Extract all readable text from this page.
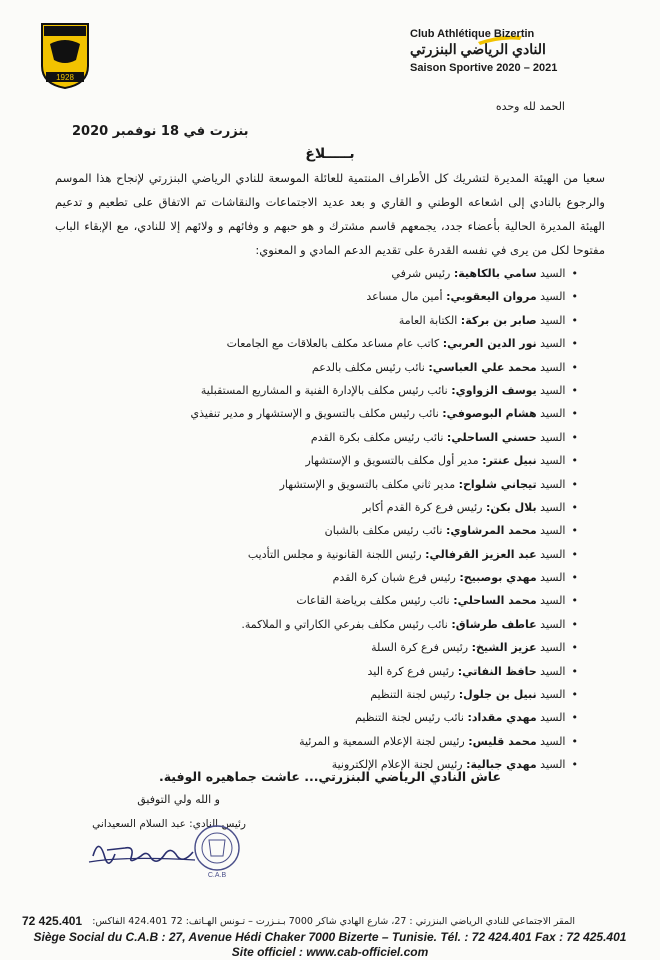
1928
Club Athlétique Bizertin
النادي الرياضي البنزرتي
Saison Sportive 2020 – 2021
الحمد لله وحده
بنزرت في 18 نوفمبر 2020
بـــــلاغ
سعيا من الهيئة المديرة لتشريك كل الأطراف المنتمية للعائلة الموسعة للنادي الرياضي البنزرتي لإنجاح هذا الموسم والرجوع بالنادي إلى اشعاعه الوطني و القاري و بعد عديد الاجتماعات والنقاشات تم الاتفاق على تطعيم و تدعيم الهيئة المديرة الحالية بأعضاء جدد، يجمعهم قاسم مشترك و هو حبهم و وفائهم و ولائهم إلا للنادي، مع الإبقاء الباب مفتوحا لكل من يرى في نفسه القدرة على تقديم الدعم المادي و المعنوي:
•السيد سامي بالكاهية: رئيس شرفي
•السيد مروان اليعقوبي: أمين مال مساعد
•السيد صابر بن بركة: الكتابة العامة
•السيد نور الدين العربي: كاتب عام مساعد مكلف بالعلاقات مع الجامعات
•السيد محمد علي العباسي: نائب رئيس مكلف بالدعم
•السيد يوسف الزواوي: نائب رئيس مكلف بالإدارة الفنية و المشاريع المستقبلية
•السيد هشام البوصوفي: نائب رئيس مكلف بالتسويق و الإستشهار و مدير تنفيذي
•السيد حسني الساحلي: نائب رئيس مكلف بكرة القدم
•السيد نبيل عنتر: مدير أول مكلف بالتسويق و الإستشهار
•السيد تيجاني شلواح: مدير ثاني مكلف بالتسويق و الإستشهار
•السيد بلال بكن: رئيس فرع كرة القدم أكابر
•السيد محمد المرشاوي: نائب رئيس مكلف بالشبان
•السيد عبد العزيز القرفالي: رئيس اللجنة القانونية و مجلس التأديب
•السيد مهدي بوصبيح: رئيس فرع شبان كرة القدم
•السيد محمد الساحلي: نائب رئيس مكلف برياضة القاعات
•السيد عاطف طرشاق: نائب رئيس مكلف بفرعي الكاراتي و الملاكمة.
•السيد عزيز الشيخ: رئيس فرع كرة السلة
•السيد حافظ النفاتي: رئيس فرع كرة اليد
•السيد نبيل بن جلول: رئيس لجنة التنظيم
•السيد مهدي مقداد: نائب رئيس لجنة التنظيم
•السيد محمد قليس: رئيس لجنة الإعلام السمعية و المرئية
•السيد مهدي جبالية: رئيس لجنة الإعلام الإلكترونية
عاش النادي الرياضي البنزرتي... عاشت جماهيره الوفية.
و الله ولي التوفيق
رئيس النادي: عبد السلام السعيداني
C.A.B
المقر الاجتماعي للنادي الرياضي البنزرتي : 27، شارع الهادي شاكر 7000 بـنـزرت – تـونس الهـاتف: 72 424.401 الفاكس:
72 425.401
Siège Social du C.A.B : 27, Avenue Hédi Chaker 7000 Bizerte – Tunisie. Tél. : 72 424.401 Fax : 72 425.401
Site officiel : www.cab-officiel.com
